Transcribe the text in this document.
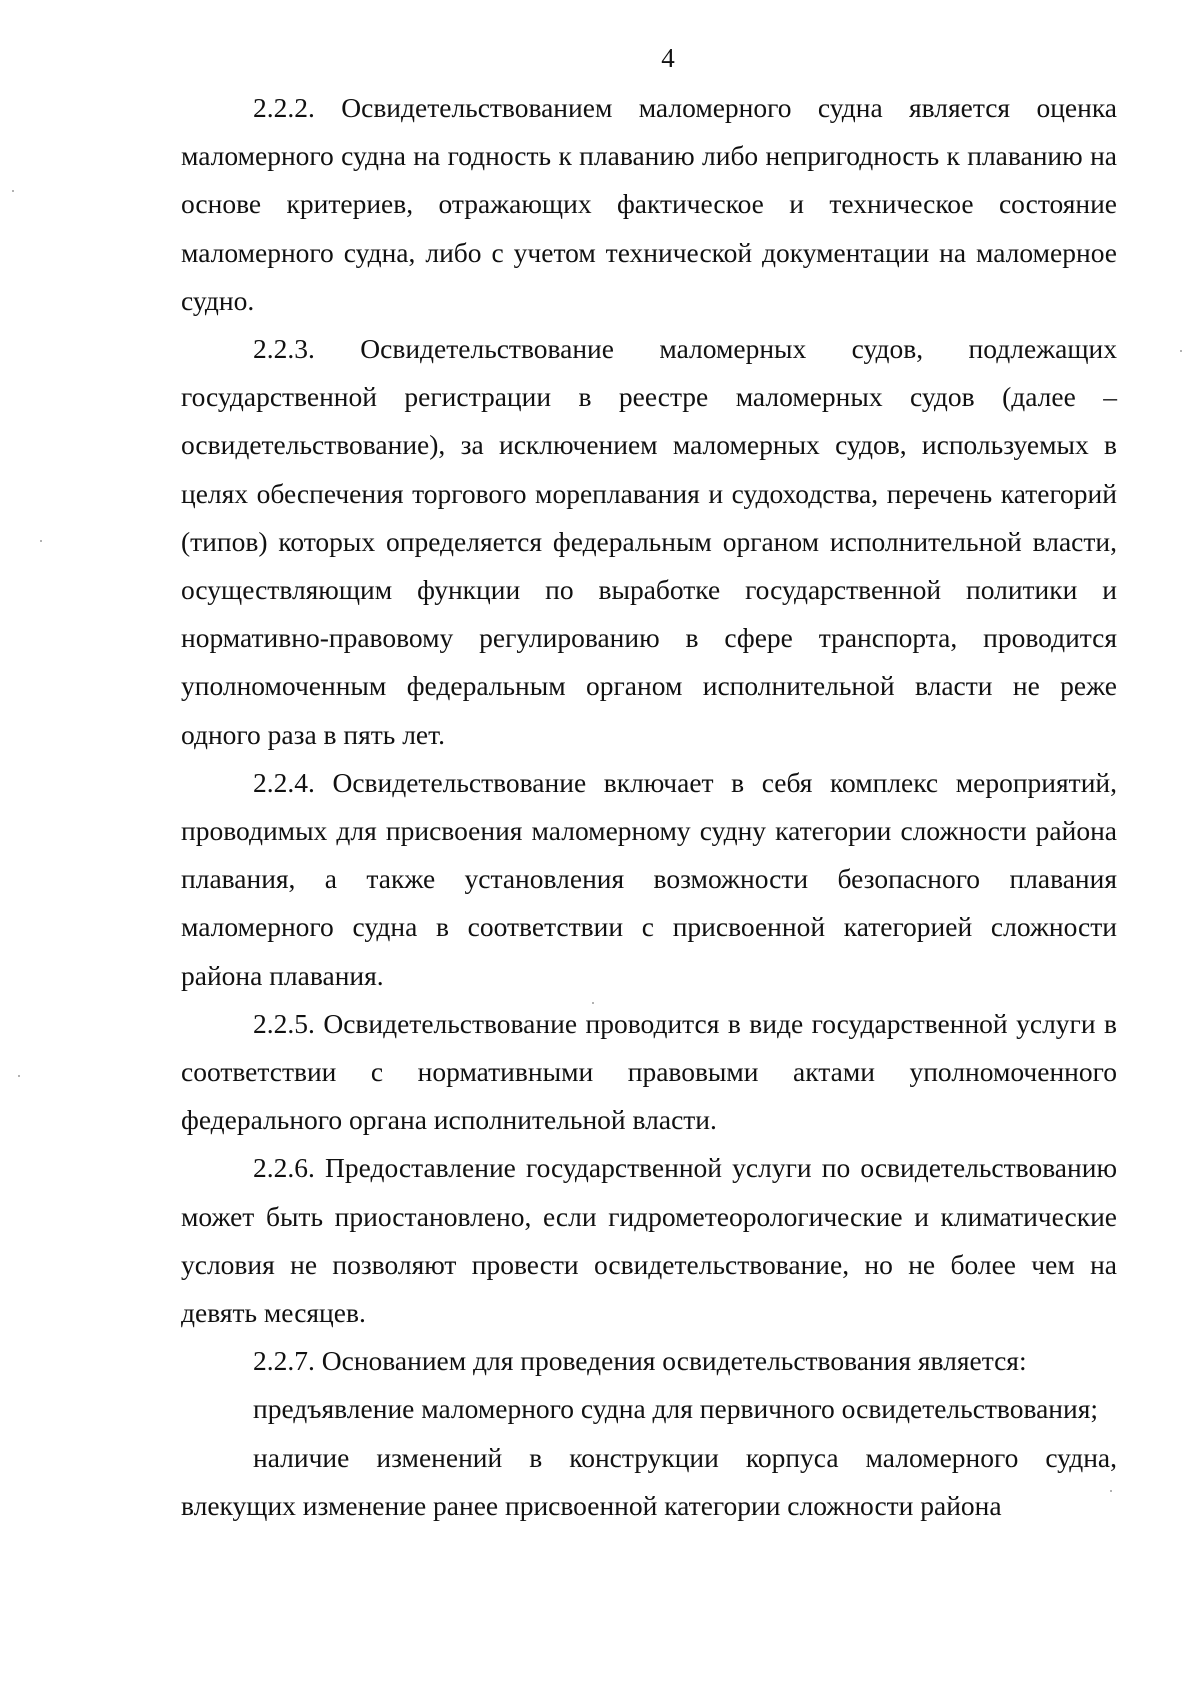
4

2.2.2. Освидетельствованием маломерного судна является оценка маломерного судна на годность к плаванию либо непригодность к плаванию на основе критериев, отражающих фактическое и техническое состояние маломерного судна, либо с учетом технической документации на маломерное судно.

2.2.3. Освидетельствование маломерных судов, подлежащих государственной регистрации в реестре маломерных судов (далее – освидетельствование), за исключением маломерных судов, используемых в целях обеспечения торгового мореплавания и судоходства, перечень категорий (типов) которых определяется федеральным органом исполнительной власти, осуществляющим функции по выработке государственной политики и нормативно-правовому регулированию в сфере транспорта, проводится уполномоченным федеральным органом исполнительной власти не реже одного раза в пять лет.

2.2.4. Освидетельствование включает в себя комплекс мероприятий, проводимых для присвоения маломерному судну категории сложности района плавания, а также установления возможности безопасного плавания маломерного судна в соответствии с присвоенной категорией сложности района плавания.

2.2.5. Освидетельствование проводится в виде государственной услуги в соответствии с нормативными правовыми актами уполномоченного федерального органа исполнительной власти.

2.2.6. Предоставление государственной услуги по освидетельствованию может быть приостановлено, если гидрометеорологические и климатические условия не позволяют провести освидетельствование, но не более чем на девять месяцев.

2.2.7. Основанием для проведения освидетельствования является:

предъявление маломерного судна для первичного освидетельствования;

наличие изменений в конструкции корпуса маломерного судна, влекущих изменение ранее присвоенной категории сложности района
